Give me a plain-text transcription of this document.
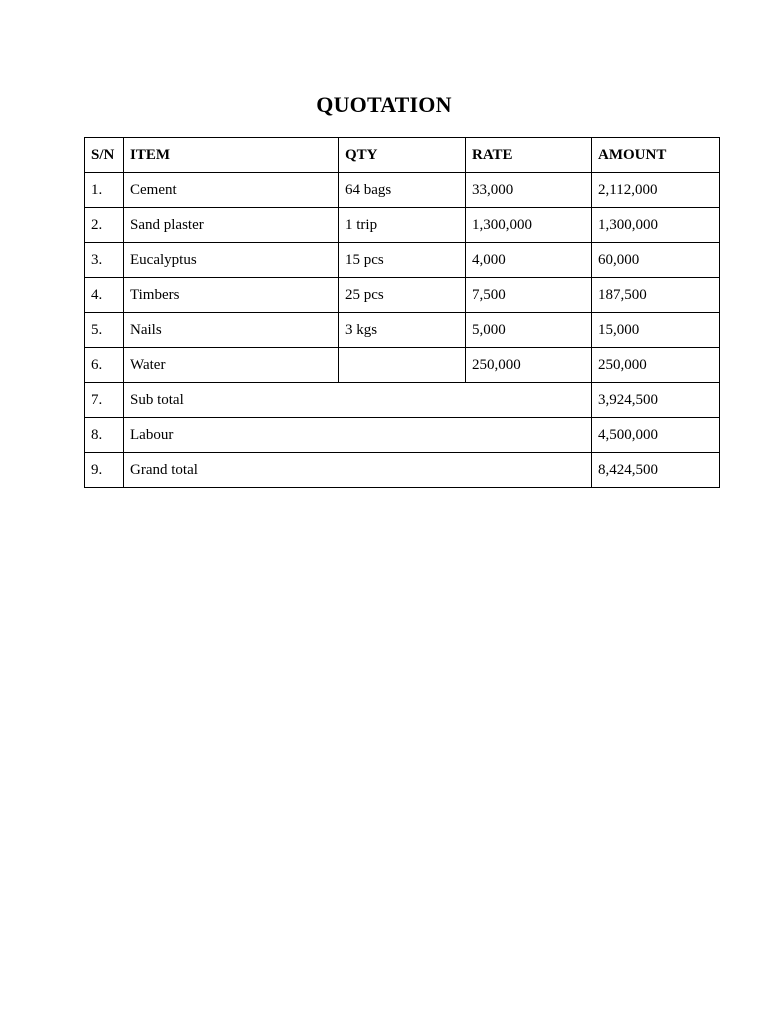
QUOTATION
S/N	ITEM	QTY	RATE	AMOUNT
1.	Cement	64 bags	33,000	2,112,000
2.	Sand plaster	1 trip	1,300,000	1,300,000
3.	Eucalyptus	15 pcs	4,000	60,000
4.	Timbers	25 pcs	7,500	187,500
5.	Nails	3 kgs	5,000	15,000
6.	Water		250,000	250,000
7.	Sub total			3,924,500
8.	Labour			4,500,000
9.	Grand total			8,424,500
